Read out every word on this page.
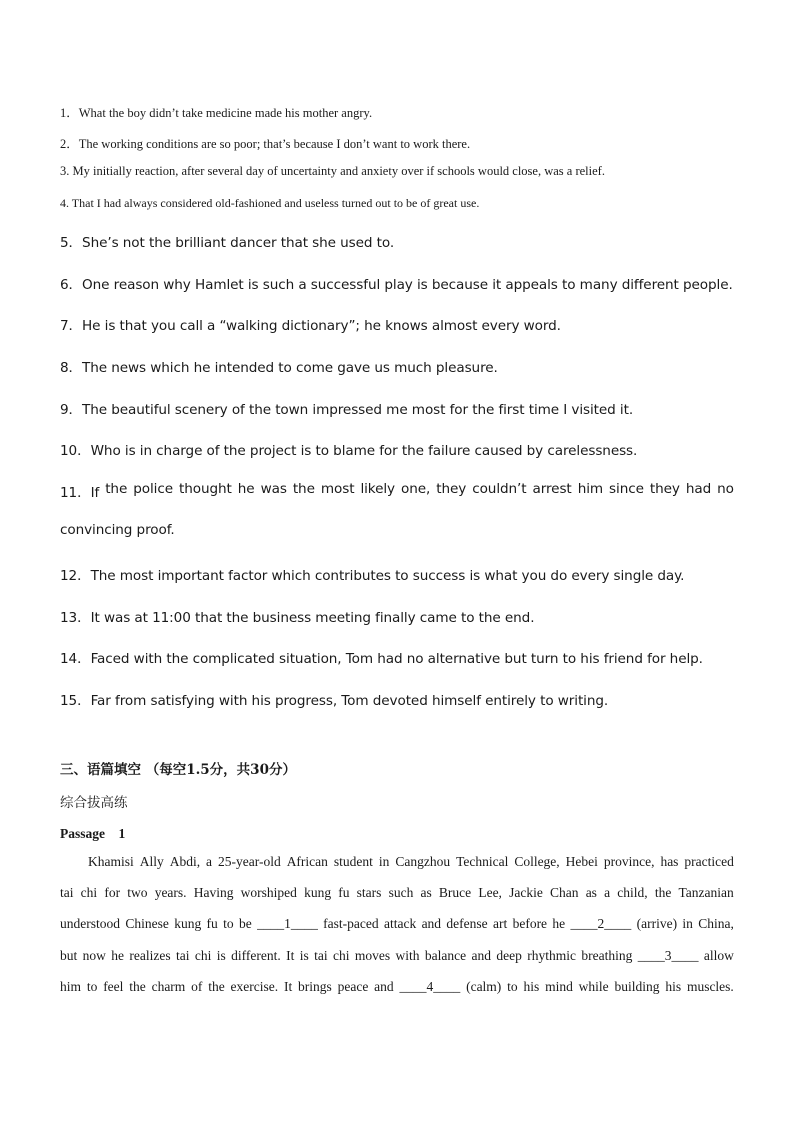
1．What the boy didn’t take medicine made his mother angry.
2．The working conditions are so poor; that’s because I don’t want to work there.
3. My initially reaction, after several day of uncertainty and anxiety over if schools would close, was a relief.
4. That I had always considered old-fashioned and useless turned out to be of great use.
5．She’s not the brilliant dancer that she used to.
6．One reason why Hamlet is such a successful play is because it appeals to many different people.
7．He is that you call a “walking dictionary”; he knows almost every word.
8．The news which he intended to come gave us much pleasure.
9．The beautiful scenery of the town impressed me most for the first time I visited it.
10．Who is in charge of the project is to blame for the failure caused by carelessness.
11．If the police thought he was the most likely one, they couldn’t arrest him since they had no
convincing proof.
12．The most important factor which contributes to success is what you do every single day.
13．It was at 11:00 that the business meeting finally came to the end.
14．Faced with the complicated situation, Tom had no alternative but turn to his friend for help.
15．Far from satisfying with his progress, Tom devoted himself entirely to writing.
三、语篇填空 （每空1.5分，共30分）
综合拔高练
Passage　1
Khamisi Ally Abdi, a 25-year-old African student in Cangzhou Technical College, Hebei province, has practiced
tai chi for two years. Having worshiped kung fu stars such as Bruce Lee, Jackie Chan as a child, the Tanzanian
understood Chinese kung fu to be ____1____ fast-paced attack and defense art before he ____2____ (arrive) in China,
but now he realizes tai chi is different. It is tai chi moves with balance and deep rhythmic breathing ____3____ allow
him to feel the charm of the exercise. It brings peace and ____4____ (calm) to his mind while building his muscles.
